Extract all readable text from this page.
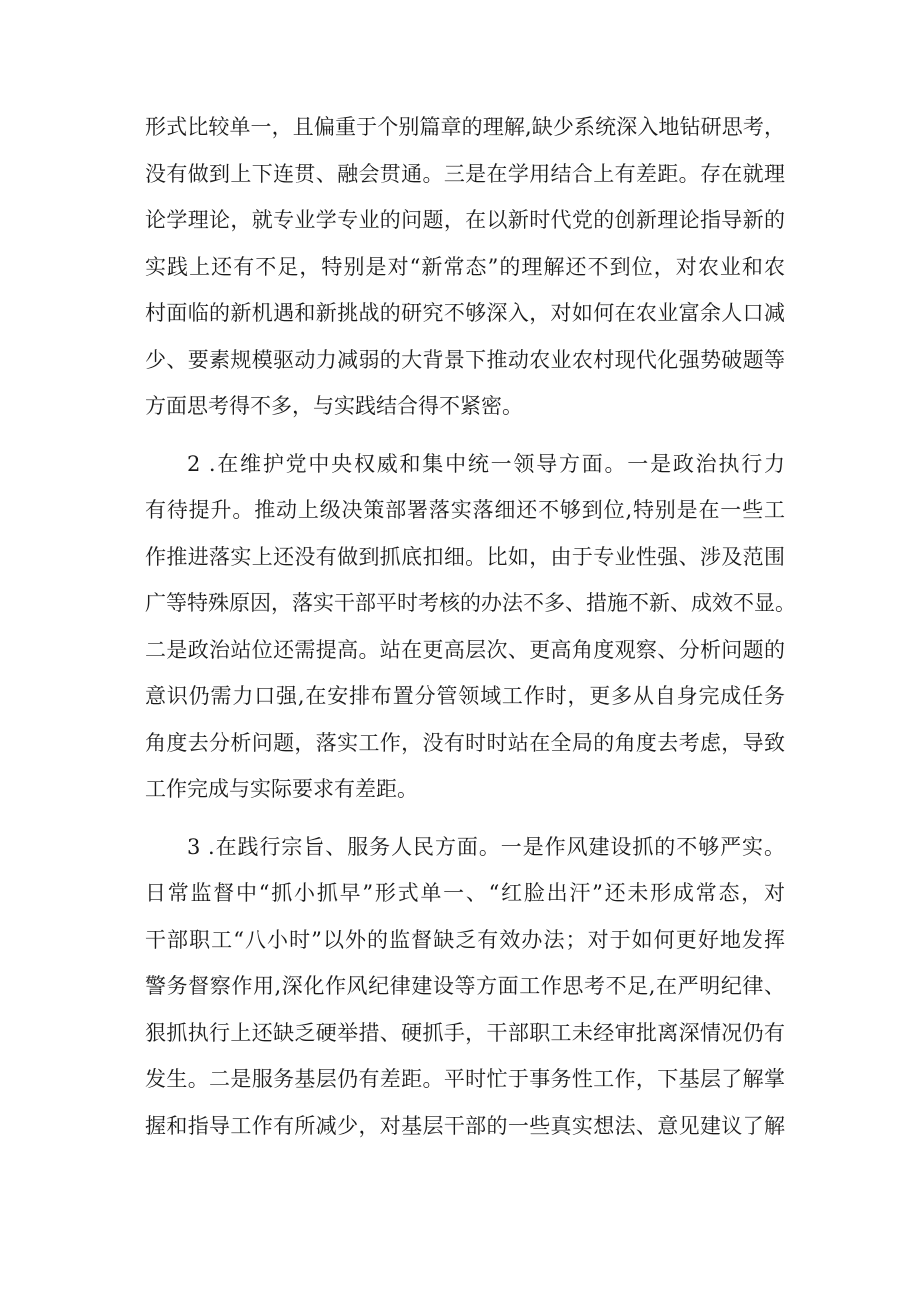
形式比较单一，且偏重于个别篇章的理解,缺少系统深入地钻研思考，
没有做到上下连贯、融会贯通。三是在学用结合上有差距。存在就理
论学理论，就专业学专业的问题，在以新时代党的创新理论指导新的
实践上还有不足，特别是对“新常态”的理解还不到位，对农业和农
村面临的新机遇和新挑战的研究不够深入，对如何在农业富余人口减
少、要素规模驱动力减弱的大背景下推动农业农村现代化强势破题等
方面思考得不多，与实践结合得不紧密。
2 .在维护党中央权威和集中统一领导方面。一是政治执行力
有待提升。推动上级决策部署落实落细还不够到位,特别是在一些工
作推进落实上还没有做到抓底扣细。比如，由于专业性强、涉及范围
广等特殊原因，落实干部平时考核的办法不多、措施不新、成效不显。
二是政治站位还需提高。站在更高层次、更高角度观察、分析问题的
意识仍需力口强,在安排布置分管领域工作时，更多从自身完成任务
角度去分析问题，落实工作，没有时时站在全局的角度去考虑，导致
工作完成与实际要求有差距。
3 .在践行宗旨、服务人民方面。一是作风建设抓的不够严实。
日常监督中“抓小抓早”形式单一、“红脸出汗”还未形成常态，对
干部职工“八小时”以外的监督缺乏有效办法；对于如何更好地发挥
警务督察作用,深化作风纪律建设等方面工作思考不足,在严明纪律、
狠抓执行上还缺乏硬举措、硬抓手，干部职工未经审批离深情况仍有
发生。二是服务基层仍有差距。平时忙于事务性工作，下基层了解掌
握和指导工作有所减少，对基层干部的一些真实想法、意见建议了解
